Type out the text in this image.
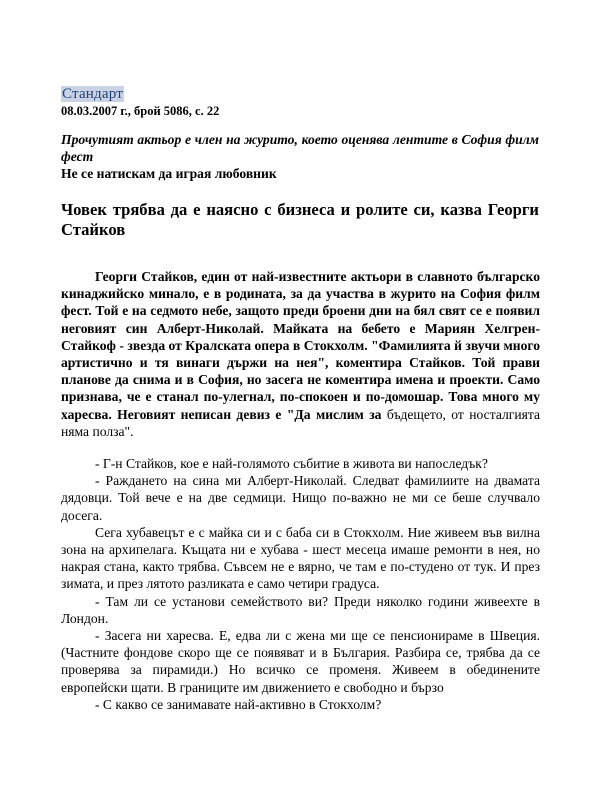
Стандарт
08.03.2007 г., брой 5086, с. 22
Прочутият актьор е член на журито, което оценява лентите в София филм фест
Не се натискам да играя любовник
Човек трябва да е наясно с бизнеса и ролите си, казва Георги Стайков

Георги Стайков, един от най-известните актьори в славното българско кинаджийско минало, е в родината, за да участва в журито на София филм фест. Той е на седмото небе, защото преди броени дни на бял свят се е появил неговият син Алберт-Николай. Майката на бебето е Мариян Хелгрен-Стайкоф - звезда от Кралската опера в Стокхолм. "Фамилията й звучи много артистично и тя винаги държи на нея", коментира Стайков. Той прави планове да снима и в София, но засега не коментира имена и проекти. Само признава, че е станал по-улегнал, по-спокоен и по-домошар. Това много му харесва. Неговият неписан девиз е "Да мислим за бъдещето, от носталгията няма полза".

- Г-н Стайков, кое е най-голямото събитие в живота ви напоследък?

- Раждането на сина ми Алберт-Николай. Следват фамилиите на двамата дядовци. Той вече е на две седмици. Нищо по-важно не ми се беше случвало досега.

Сега хубавецът е с майка си и с баба си в Стокхолм. Ние живеем във вилна зона на архипелага. Къщата ни е хубава - шест месеца имаше ремонти в нея, но накрая стана, както трябва. Съвсем не е вярно, че там е по-студено от тук. И през зимата, и през лятото разликата е само четири градуса.

- Там ли се установи семейството ви? Преди няколко години живеехте в Лондон.

- Засега ни харесва. Е, едва ли с жена ми ще се пенсионираме в Швеция. (Частните фондове скоро ще се появяват и в България. Разбира се, трябва да се проверява за пирамиди.) Но всичко се променя. Живеем в обединените европейски щати. В границите им движението е свободно и бързо

- С какво се занимавате най-активно в Стокхолм?
